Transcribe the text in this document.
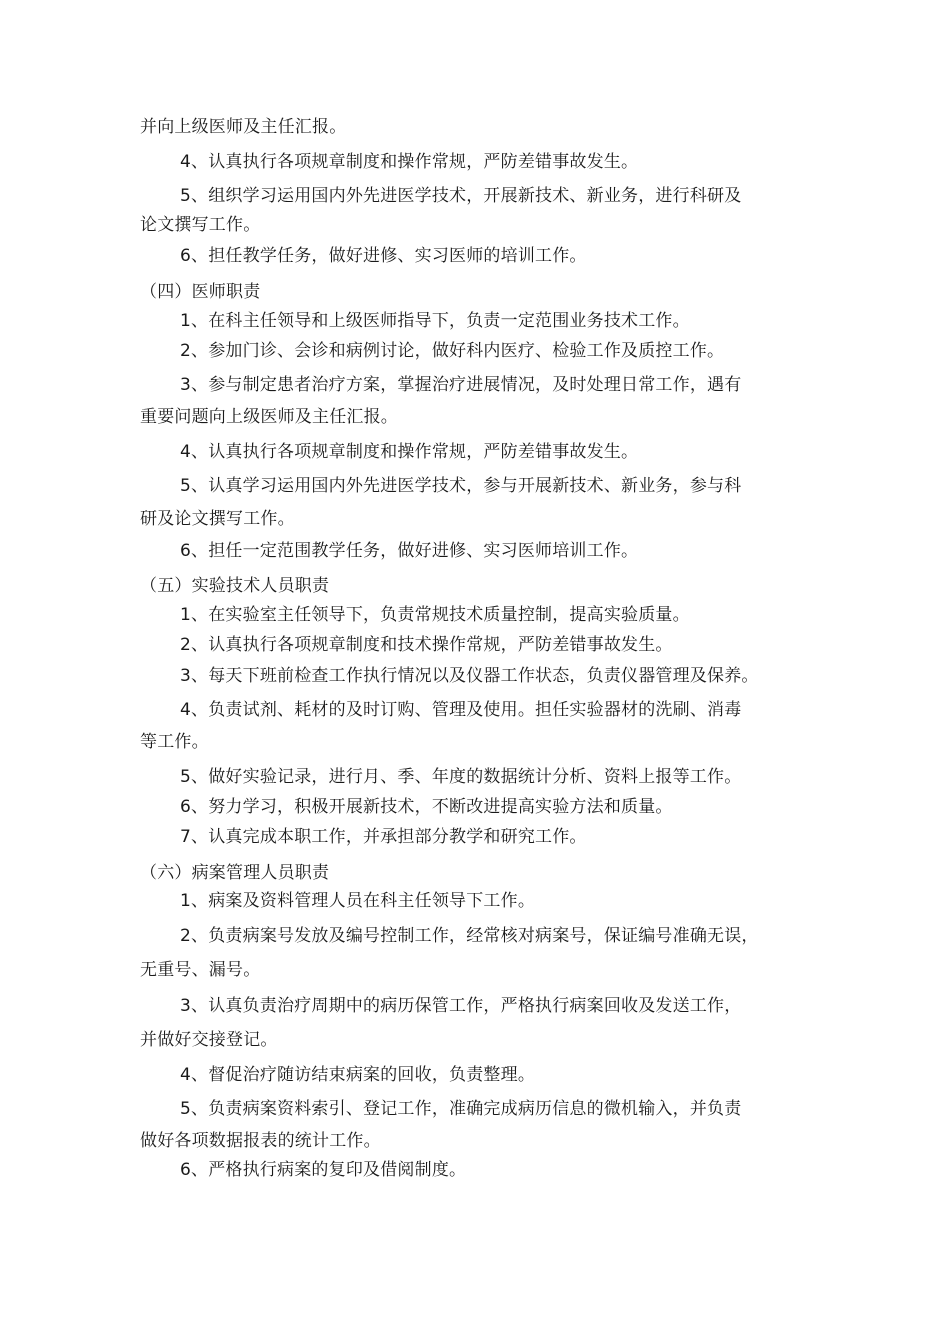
并向上级医师及主任汇报。
4、认真执行各项规章制度和操作常规，严防差错事故发生。
5、组织学习运用国内外先进医学技术，开展新技术、新业务，进行科研及
论文撰写工作。
6、担任教学任务，做好进修、实习医师的培训工作。
（四）医师职责
1、在科主任领导和上级医师指导下，负责一定范围业务技术工作。
2、参加门诊、会诊和病例讨论，做好科内医疗、检验工作及质控工作。
3、参与制定患者治疗方案，掌握治疗进展情况，及时处理日常工作，遇有
重要问题向上级医师及主任汇报。
4、认真执行各项规章制度和操作常规，严防差错事故发生。
5、认真学习运用国内外先进医学技术，参与开展新技术、新业务，参与科
研及论文撰写工作。
6、担任一定范围教学任务，做好进修、实习医师培训工作。
（五）实验技术人员职责
1、在实验室主任领导下，负责常规技术质量控制，提高实验质量。
2、认真执行各项规章制度和技术操作常规，严防差错事故发生。
3、每天下班前检查工作执行情况以及仪器工作状态，负责仪器管理及保养。
4、负责试剂、耗材的及时订购、管理及使用。担任实验器材的洗刷、消毒
等工作。
5、做好实验记录，进行月、季、年度的数据统计分析、资料上报等工作。
6、努力学习，积极开展新技术，不断改进提高实验方法和质量。
7、认真完成本职工作，并承担部分教学和研究工作。
（六）病案管理人员职责
1、病案及资料管理人员在科主任领导下工作。
2、负责病案号发放及编号控制工作，经常核对病案号，保证编号准确无误，
无重号、漏号。
3、认真负责治疗周期中的病历保管工作，严格执行病案回收及发送工作，
并做好交接登记。
4、督促治疗随访结束病案的回收，负责整理。
5、负责病案资料索引、登记工作，准确完成病历信息的微机输入，并负责
做好各项数据报表的统计工作。
6、严格执行病案的复印及借阅制度。
